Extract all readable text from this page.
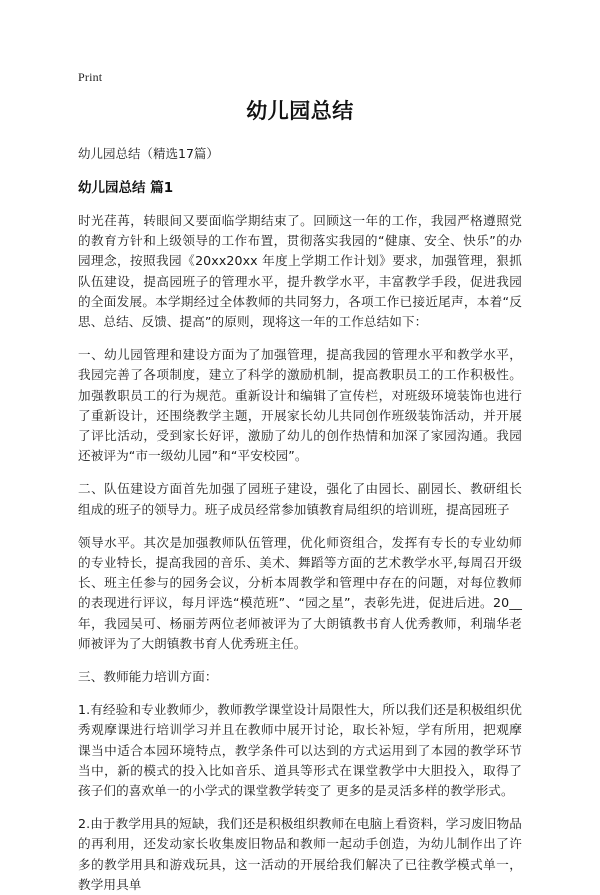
Print
幼儿园总结
幼儿园总结（精选17篇）
幼儿园总结 篇1

时光荏苒，转眼间又要面临学期结束了。回顾这一年的工作，我园严格遵照党的教育方针和上级领导的工作布置，贯彻落实我园的“健康、安全、快乐”的办园理念，按照我园《20xx20xx 年度上学期工作计划》要求，加强管理，狠抓队伍建设，提高园班子的管理水平，提升教学水平，丰富教学手段，促进我园的全面发展。本学期经过全体教师的共同努力，各项工作已接近尾声，本着“反思、总结、反馈、提高”的原则，现将这一年的工作总结如下：

一、幼儿园管理和建设方面为了加强管理，提高我园的管理水平和教学水平，我园完善了各项制度，建立了科学的激励机制，提高教职员工的工作积极性。加强教职员工的行为规范。重新设计和编辑了宣传栏，对班级环境装饰也进行了重新设计，还围绕教学主题，开展家长幼儿共同创作班级装饰活动，并开展了评比活动，受到家长好评，激励了幼儿的创作热情和加深了家园沟通。我园还被评为“市一级幼儿园”和“平安校园”。

二、队伍建设方面首先加强了园班子建设，强化了由园长、副园长、教研组长组成的班子的领导力。班子成员经常参加镇教育局组织的培训班，提高园班子

领导水平。其次是加强教师队伍管理，优化师资组合，发挥有专长的专业幼师的专业特长，提高我园的音乐、美术、舞蹈等方面的艺术教学水平,每周召开级长、班主任参与的园务会议，分析本周教学和管理中存在的问题，对每位教师的表现进行评议，每月评选“模范班”、“园之星”，表彰先进，促进后进。20__年，我园吴可、杨丽芳两位老师被评为了大朗镇教书育人优秀教师，利瑞华老师被评为了大朗镇教书育人优秀班主任。

三、教师能力培训方面：

1.有经验和专业教师少，教师教学课堂设计局限性大，所以我们还是积极组织优秀观摩课进行培训学习并且在教师中展开讨论，取长补短，学有所用，把观摩课当中适合本园环境特点，教学条件可以达到的方式运用到了本园的教学环节当中，新的模式的投入比如音乐、道具等形式在课堂教学中大胆投入，取得了孩子们的喜欢单一的小学式的课堂教学转变了 更多的是灵活多样的教学形式。

2.由于教学用具的短缺，我们还是积极组织教师在电脑上看资料，学习废旧物品的再利用，还发动家长收集废旧物品和教师一起动手创造，为幼儿制作出了许多的教学用具和游戏玩具，这一活动的开展给我们解决了已往教学模式单一，教学用具单
